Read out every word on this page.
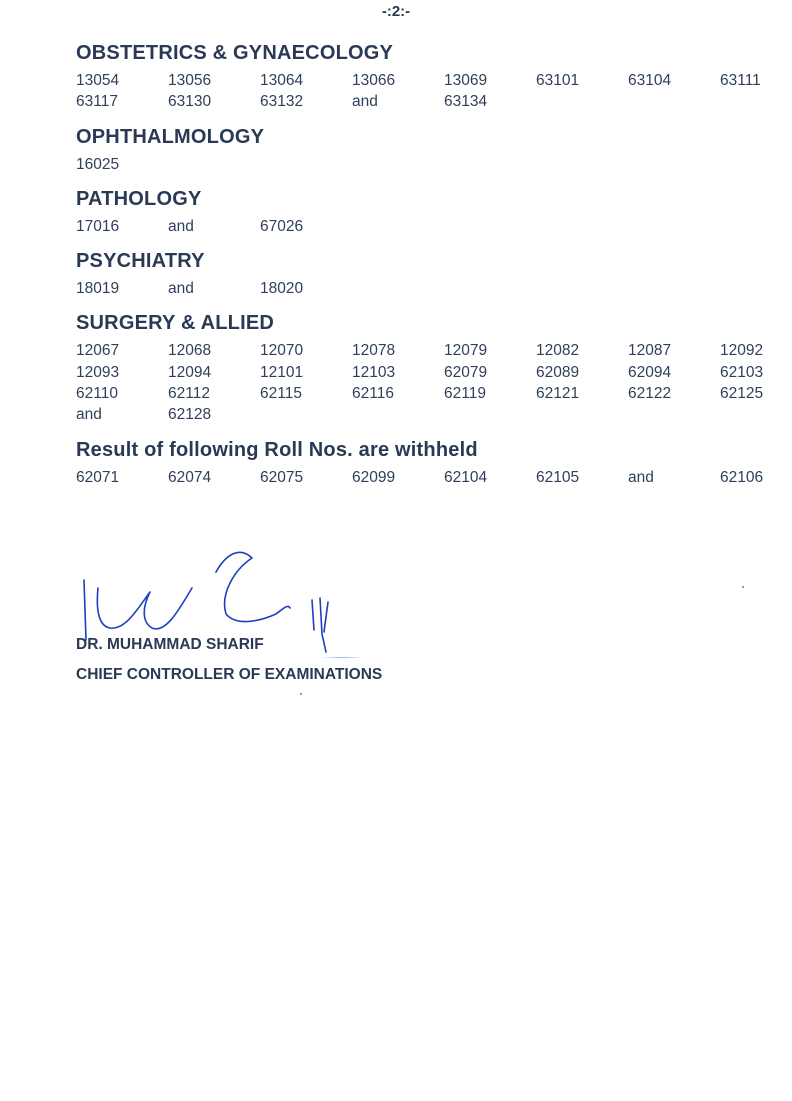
-:2:-
OBSTETRICS & GYNAECOLOGY
13054	13056	13064	13066	13069	63101	63104	63111
63117	63130	63132	and	63134
OPHTHALMOLOGY
16025
PATHOLOGY
17016	and	67026
PSYCHIATRY
18019	and	18020
SURGERY & ALLIED
12067	12068	12070	12078	12079	12082	12087	12092
12093	12094	12101	12103	62079	62089	62094	62103
62110	62112	62115	62116	62119	62121	62122	62125
and	62128
Result of following Roll Nos. are withheld
62071	62074	62075	62099	62104	62105	and	62106
DR. MUHAMMAD SHARIF
CHIEF CONTROLLER OF EXAMINATIONS
